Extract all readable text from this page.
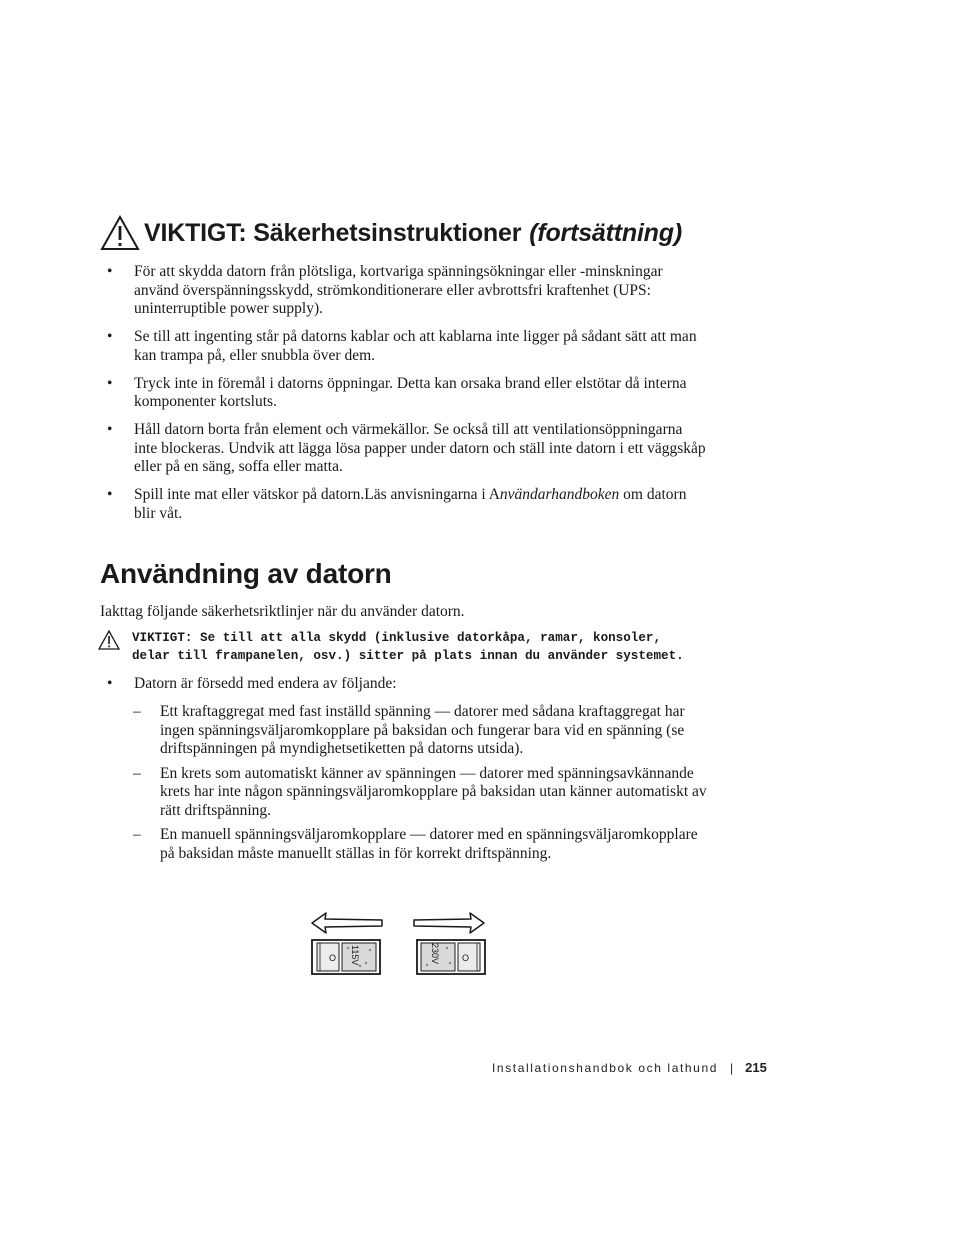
VIKTIGT: Säkerhetsinstruktioner (fortsättning)
• För att skydda datorn från plötsliga, kortvariga spänningsökningar eller -minskningar använd överspänningsskydd, strömkonditionerare eller avbrottsfri kraftenhet (UPS: uninterruptible power supply).
• Se till att ingenting står på datorns kablar och att kablarna inte ligger på sådant sätt att man kan trampa på, eller snubbla över dem.
• Tryck inte in föremål i datorns öppningar. Detta kan orsaka brand eller elstötar då interna komponenter kortsluts.
• Håll datorn borta från element och värmekällor. Se också till att ventilationsöppningarna inte blockeras. Undvik att lägga lösa papper under datorn och ställ inte datorn i ett väggskåp eller på en säng, soffa eller matta.
• Spill inte mat eller vätskor på datorn.Läs anvisningarna i Användarhandboken om datorn blir våt.
Användning av datorn
Iakttag följande säkerhetsriktlinjer när du använder datorn.
VIKTIGT: Se till att alla skydd (inklusive datorkåpa, ramar, konsoler, delar till frampanelen, osv.) sitter på plats innan du använder systemet.
• Datorn är försedd med endera av följande:
– Ett kraftaggregat med fast inställd spänning — datorer med sådana kraftaggregat har ingen spänningsväljaromkopplare på baksidan och fungerar bara vid en spänning (se driftspänningen på myndighetsetiketten på datorns utsida).
– En krets som automatiskt känner av spänningen — datorer med spänningsavkännande krets har inte någon spänningsväljaromkopplare på baksidan utan känner automatiskt av rätt driftspänning.
– En manuell spänningsväljaromkopplare — datorer med en spänningsväljaromkopplare på baksidan måste manuellt ställas in för korrekt driftspänning.
O 115V	230V O
Installationshandbok och lathund | 215
